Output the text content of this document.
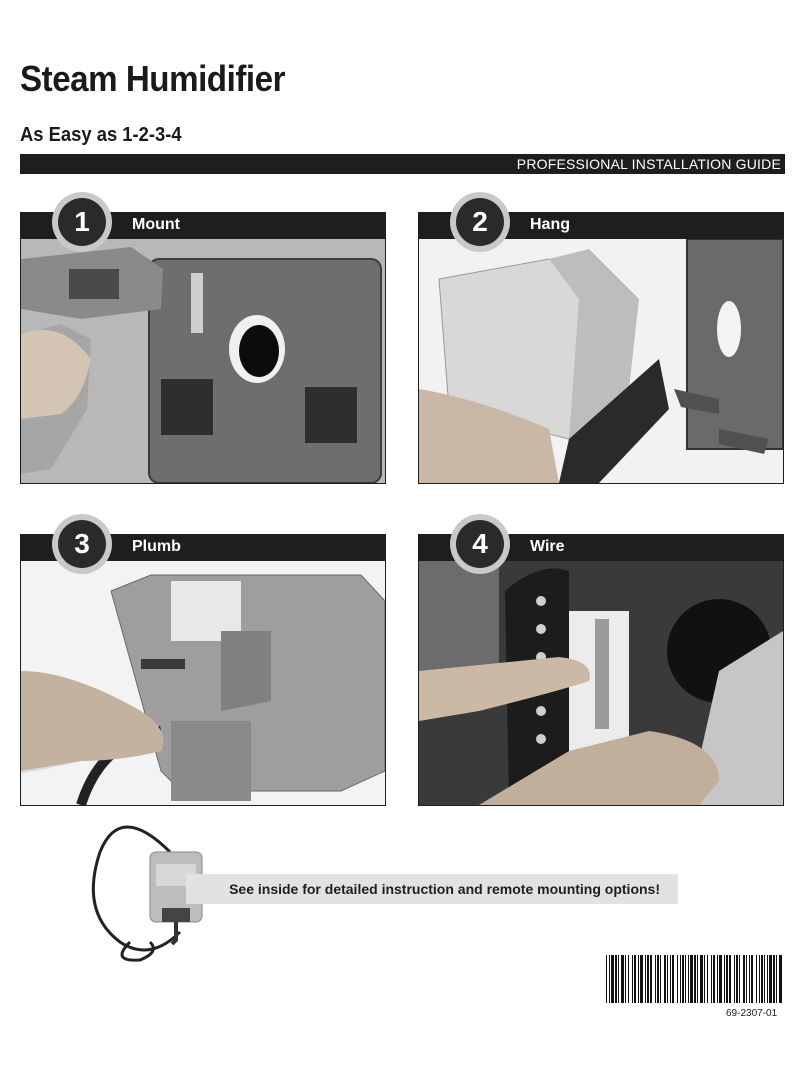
Steam Humidifier
As Easy as 1-2-3-4
PROFESSIONAL INSTALLATION GUIDE
Mount
1	Hang
2
Plumb
3	Wire
4
See inside for detailed instruction and remote mounting options!
69-2307-01
